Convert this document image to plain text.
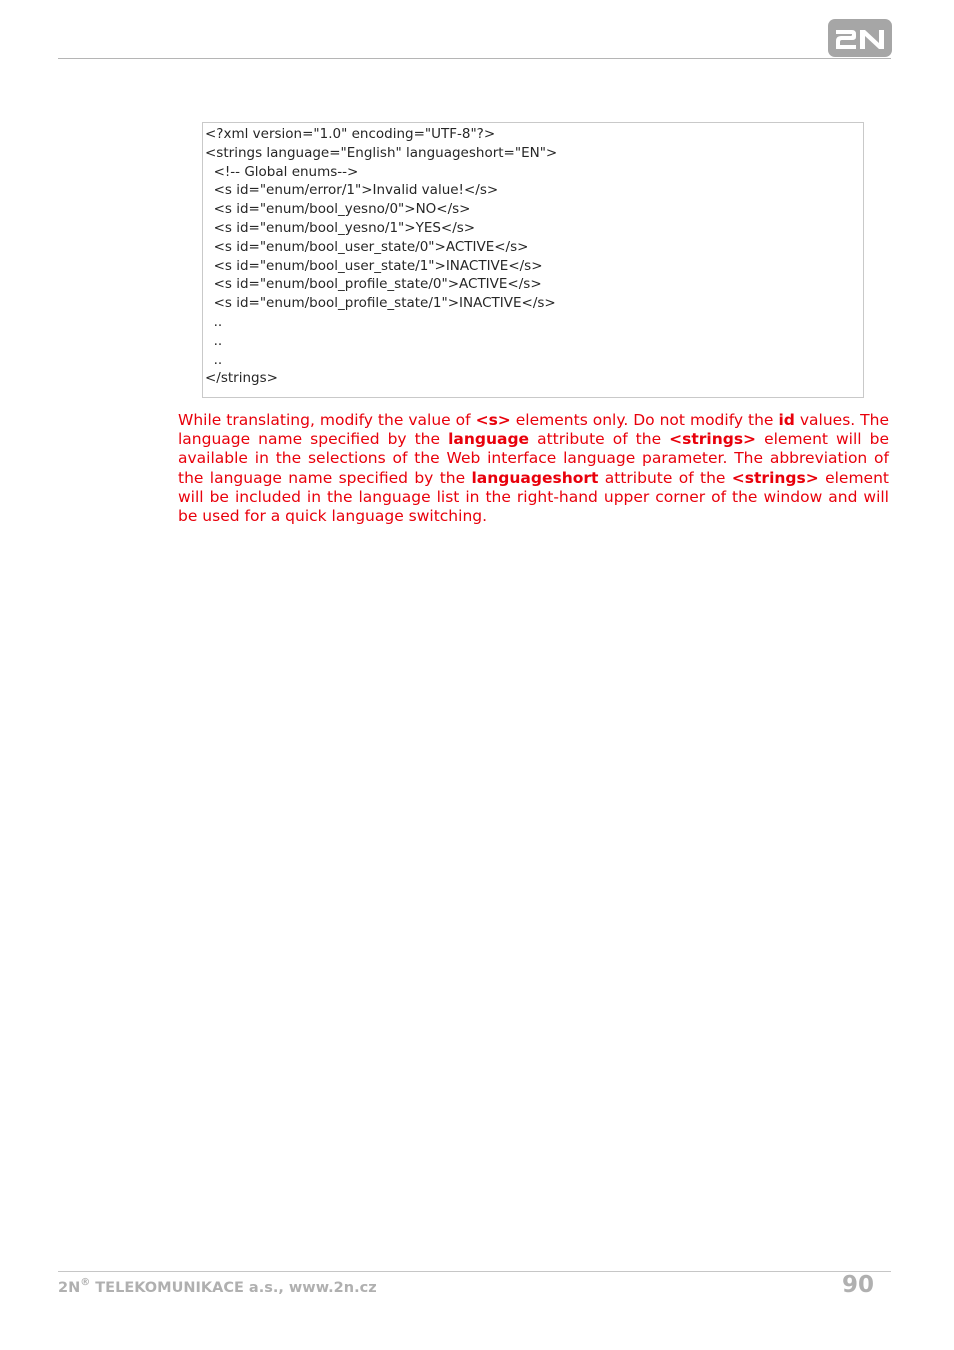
<?xml version="1.0" encoding="UTF-8"?>
<strings language="English" languageshort="EN">
<!-- Global enums-->
<s id="enum/error/1">Invalid value!</s>
<s id="enum/bool_yesno/0">NO</s>
<s id="enum/bool_yesno/1">YES</s>
<s id="enum/bool_user_state/0">ACTIVE</s>
<s id="enum/bool_user_state/1">INACTIVE</s>
<s id="enum/bool_profile_state/0">ACTIVE</s>
<s id="enum/bool_profile_state/1">INACTIVE</s>
..
..
..
</strings>

While translating, modify the value of <s> elements only. Do not modify the id values. The language name specified by the language attribute of the <strings> element will be available in the selections of the Web interface language parameter. The abbreviation of the language name specified by the languageshort attribute of the <strings> element will be included in the language list in the right-hand upper corner of the window and will be used for a quick language switching.

2N® TELEKOMUNIKACE a.s., www.2n.cz	90
